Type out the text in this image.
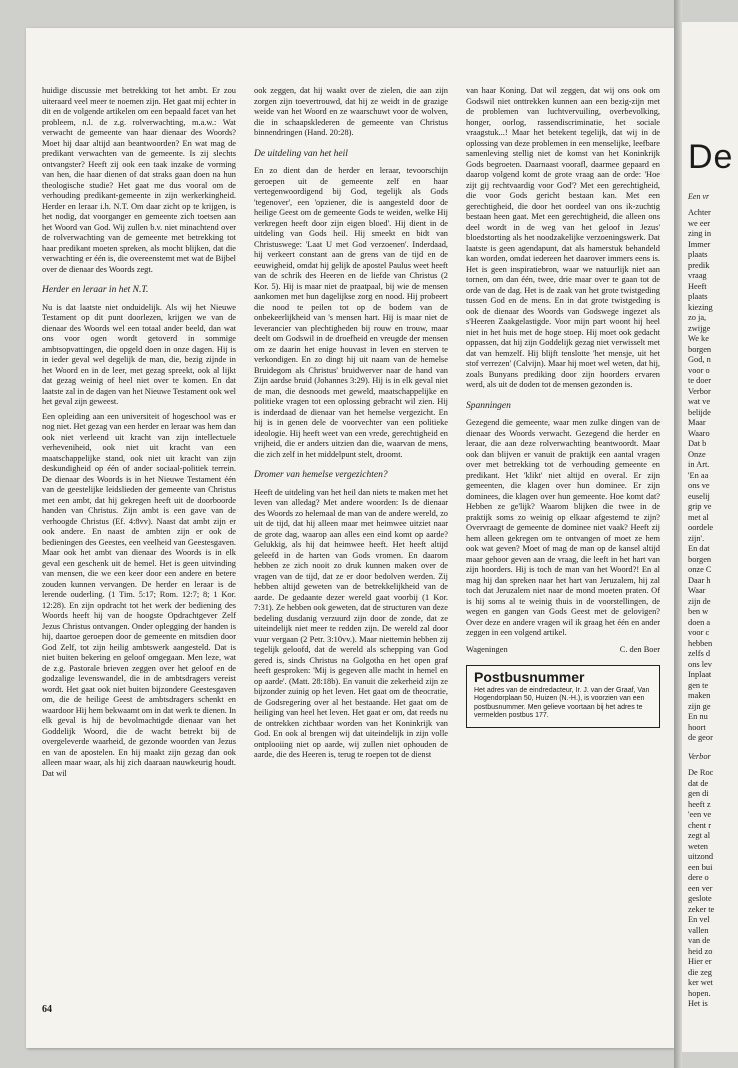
De
Een vr
Achter
we eer
zing in
Immer
plaats
predik
vraag
Heeft
plaats
kiezing
zo ja,
zwijge
We ke
borgen
God, n
voor o
te doer
Verbor
wat ve
belijde
Maar
Waaro
Dat b
Onze
in Art.
'En aa
ons ve
euselij
grip ve
met al
oordele
zijn'.
En dat
borgen
onze C
Daar h
Waar
zijn de
ben w
doen a
voor c
hebben
zelfs d
ons lev
Inplaat
gen te
maken
zijn ge
En nu
hoort
de geor
Verbor
De Roc
dat de
gen di
heeft z
'een ve
chent r
zegt al
weten
uitzond
een bui
dere o
een ver
geslote
zeker te
En vel
vallen
van de
heid zo
Hier er
die zeg
ker wet
hopen.
Het is

huidige discussie met betrekking tot het ambt. Er zou uiteraard veel meer te noemen zijn. Het gaat mij echter in dit en de volgende artikelen om een bepaald facet van het probleem, n.l. de z.g. rolverwachting, m.a.w.: Wat verwacht de gemeente van haar dienaar des Woords? Moet hij daar altijd aan beantwoorden? En wat mag de predikant verwachten van de gemeente. Is zij slechts ontvangster? Heeft zij ook een taak inzake de vorming van hen, die haar dienen of dat straks gaan doen na hun theologische studie? Het gaat me dus vooral om de verhouding predikant-gemeente in zijn werkerkingheid. Herder en leraar i.h. N.T. Om daar zicht op te krijgen, is het nodig, dat voorganger en gemeente zich toetsen aan het Woord van God. Wij zullen b.v. niet minachtend over de rolverwachting van de gemeente met betrekking tot haar predikant moeten spreken, als mocht blijken, dat die verwachting er één is, die overeenstemt met wat de Bijbel over de dienaar des Woords zegt.

Herder en leraar in het N.T.

Nu is dat laatste niet onduidelijk. Als wij het Nieuwe Testament op dit punt doorlezen, krijgen we van de dienaar des Woords wel een totaal ander beeld, dan wat ons voor ogen wordt getoverd in sommige ambtsopvattingen, die opgeld doen in onze dagen. Hij is in ieder geval wel degelijk de man, die, bezig zijnde in het Woord en in de leer, met gezag spreekt, ook al lijkt dat gezag weinig of heel niet over te komen. En dat laatste zal in de dagen van het Nieuwe Testament ook wel het geval zijn geweest.

Een opleiding aan een universiteit of hogeschool was er nog niet. Het gezag van een herder en leraar was hem dan ook niet verleend uit kracht van zijn intellectuele verheveniheid, ook niet uit kracht van een maatschappelijke stand, ook niet uit kracht van zijn deskundigheid op één of ander sociaal-politiek terrein. De dienaar des Woords is in het Nieuwe Testament één van de geestelijke leidslieden der gemeente van Christus met een ambt, dat hij gekregen heeft uit de doorboorde handen van Christus. Zijn ambt is een gave van de verhoogde Christus (Ef. 4:8vv). Naast dat ambt zijn er ook andere. En naast de ambten zijn er ook de bedieningen des Geestes, een veelheid van Geestesgaven. Maar ook het ambt van dienaar des Woords is in elk geval een geschenk uit de hemel. Het is geen uitvinding van mensen, die we een keer door een andere en betere zouden kunnen vervangen. De herder en leraar is de lerende ouderling. (1 Tim. 5:17; Rom. 12:7; 8; 1 Kor. 12:28). En zijn opdracht tot het werk der bediening des Woords heeft hij van de hoogste Opdrachtgever Zelf Jezus Christus ontvangen. Onder oplegging der handen is hij, daartoe geroepen door de gemeente en mitsdien door God Zelf, tot zijn heilig ambtswerk aangesteld. Dat is niet buiten bekering en geloof omgegaan. Men leze, wat de z.g. Pastorale brieven zeggen over het geloof en de godzalige levenswandel, die in de ambtsdragers vereist wordt. Het gaat ook niet buiten bijzondere Geestesgaven om, die de heilige Geest de ambtsdragers schenkt en waardoor Hij hem bekwaamt om in dat werk te dienen. In elk geval is hij de bevolmachtigde dienaar van het Goddelijk Woord, die de wacht betrekt bij de overgeleverde waarheid, de gezonde woorden van Jezus en van de apostelen. En hij maakt zijn gezag dan ook alleen maar waar, als hij zich daaraan nauwkeurig houdt. Dat wil

ook zeggen, dat hij waakt over de zielen, die aan zijn zorgen zijn toevertrouwd, dat hij ze weidt in de grazige weide van het Woord en ze waarschuwt voor de wolven, die in schaapsklederen de gemeente van Christus binnendringen (Hand. 20:28).

De uitdeling van het heil

En zo dient dan de herder en leraar, tevoorschijn geroepen uit de gemeente zelf en haar vertegenwoordigend bij God, tegelijk als Gods 'tegenover', een 'opziener, die is aangesteld door de heilige Geest om de gemeente Gods te weiden, welke Hij verkregen heeft door zijn eigen bloed'. Hij dient in de uitdeling van Gods heil. Hij smeekt en bidt van Christuswege: 'Laat U met God verzoenen'. Inderdaad, hij verkeert constant aan de grens van de tijd en de eeuwigheid, omdat hij gelijk de apostel Paulus weet heeft van de schrik des Heeren en de liefde van Christus (2 Kor. 5). Hij is maar niet de praatpaal, bij wie de mensen aankomen met hun dagelijkse zorg en nood. Hij probeert die nood te peilen tot op de bodem van de onbekeerlijkheid van 's mensen hart. Hij is maar niet de leverancier van plechtigheden bij rouw en trouw, maar deelt om Godswil in de droefheid en vreugde der mensen om ze daarin het enige houvast in leven en sterven te verkondigen. En zo dingt hij uit naam van de hemelse Bruidegom als Christus' bruidwerver naar de hand van Zijn aardse bruid (Johannes 3:29). Hij is in elk geval niet de man, die desnoods met geweld, maatschappelijke en politieke vragen tot een oplossing gebracht wil zien. Hij is inderdaad de dienaar van het hemelse vergezicht. En hij is in genen dele de voorvechter van een politieke ideologie. Hij heeft weet van een vrede, gerechtigheid en vrijheid, die er anders uitzien dan die, waarvan de mens, die zich zelf in het middelpunt stelt, droomt.

Dromer van hemelse vergezichten?

Heeft de uitdeling van het heil dan niets te maken met het leven van alledag? Met andere woorden: Is de dienaar des Woords zo helemaal de man van de andere wereld, zo uit de tijd, dat hij alleen maar met heimwee uitziet naar de grote dag, waarop aan alles een eind komt op aarde? Gelukkig, als hij dat heimwee heeft. Het heeft altijd geleefd in de harten van Gods vromen. En daarom hebben ze zich nooit zo druk kunnen maken over de vragen van de tijd, dat ze er door bedolven werden. Zij hebben altijd geweten van de betrekkelijkheid van de aarde. De gedaante dezer wereld gaat voorbij (1 Kor. 7:31). Ze hebben ook geweten, dat de structuren van deze bedeling dusdanig verzuurd zijn door de zonde, dat ze uiteindelijk niet meer te redden zijn. De wereld zal door vuur vergaan (2 Petr. 3:10vv.). Maar niettemin hebben zij tegelijk geloofd, dat de wereld als schepping van God gered is, sinds Christus na Golgotha en het open graf heeft gesproken: 'Mij is gegeven alle macht in hemel en op aarde'. (Matt. 28:18b). En vanuit die zekerheid zijn ze bijzonder zuinig op het leven. Het gaat om de theocratie, de Godsregering over al het bestaande. Het gaat om de heiliging van heel het leven. Het gaat er om, dat reeds nu de ontrekken zichtbaar worden van het Koninkrijk van God. En ook al brengen wij dat uiteindelijk in zijn volle ontplooiing niet op aarde, wij zullen niet ophouden de aarde, die des Heeren is, terug te roepen tot de dienst

van haar Koning. Dat wil zeggen, dat wij ons ook om Godswil niet onttrekken kunnen aan een bezig-zijn met de problemen van luchtvervuiling, overbevolking, honger, oorlog, rassendiscriminatie, het sociale vraagstuk...! Maar het betekent tegelijk, dat wij in de oplossing van deze problemen in een menselijke, leefbare samenleving stellig niet de komst van het Koninkrijk Gods begroeten. Daarnaast voorafl, daarmee gepaard en daarop volgend komt de grote vraag aan de orde: 'Hoe zijt gij rechtvaardig voor God'? Met een gerechtigheid, die voor Gods gericht bestaan kan. Met een gerechtigheid, die door het oordeel van ons ik-zuchtig bestaan heen gaat. Met een gerechtigheid, die alleen ons deel wordt in de weg van het geloof in Jezus' bloedstorting als het noodzakelijke verzoeningswerk. Dat laatste is geen agendapunt, dat als hamerstuk behandeld kan worden, omdat iedereen het daarover immers eens is. Het is geen inspiratiebron, waar we natuurlijk niet aan tornen, om dan één, twee, drie maar over te gaan tot de orde van de dag. Het is de zaak van het grote twistgeding tussen God en de mens. En in dat grote twistgeding is ook de dienaar des Woords van Godswege ingezet als s'Heeren Zaakgelastigde. Voor mijn part woont hij heel niet in het huis met de hoge stoep. Hij moet ook gedacht oppassen, dat hij zijn Goddelijk gezag niet verwisselt met dat van hemzelf. Hij blijft tenslotte 'het mensje, uit het stof verrezen' (Calvijn). Maar hij moet wel weten, dat hij, zoals Bunyans prediking door zijn hoorders ervaren werd, als uit de doden tot de mensen gezonden is.

Spanningen

Gezegend die gemeente, waar men zulke dingen van de dienaar des Woords verwacht. Gezegend die herder en leraar, die aan deze rolverwachting beantwoordt. Maar ook dan blijven er vanuit de praktijk een aantal vragen over met betrekking tot de verhouding gemeente en predikant. Het 'klikt' niet altijd en overal. Er zijn gemeenten, die klagen over hun dominee. Er zijn dominees, die klagen over hun gemeente. Hoe komt dat? Hebben ze ge'lijk? Waarom blijken die twee in de praktijk soms zo weinig op elkaar afgestemd te zijn? Overvraagt de gemeente de dominee niet vaak? Heeft zij hem alleen gekregen om te ontvangen of moet ze hem ook wat geven? Moet of mag de man op de kansel altijd maar gehoor geven aan de vraag, die leeft in het hart van zijn hoorders. Hij is toch de man van het Woord?! En al mag hij dan spreken naar het hart van Jeruzalem, hij zal toch dat Jeruzalem niet naar de mond moeten praten. Of is hij soms al te weinig thuis in de voorstellingen, de wegen en gangen van Gods Geest met de gelovigen? Over deze en andere vragen wil ik graag het één en ander zeggen in een volgend artikel.

Wageningen	C. den Boer
Postbusnummer
Het adres van de eindredacteur, Ir. J. van der Graaf, Van Hogendorplaan 50, Huizen (N.-H.), is voorzien van een postbusnummer. Men gelieve voortaan bij het adres te vermelden postbus 177.
64
